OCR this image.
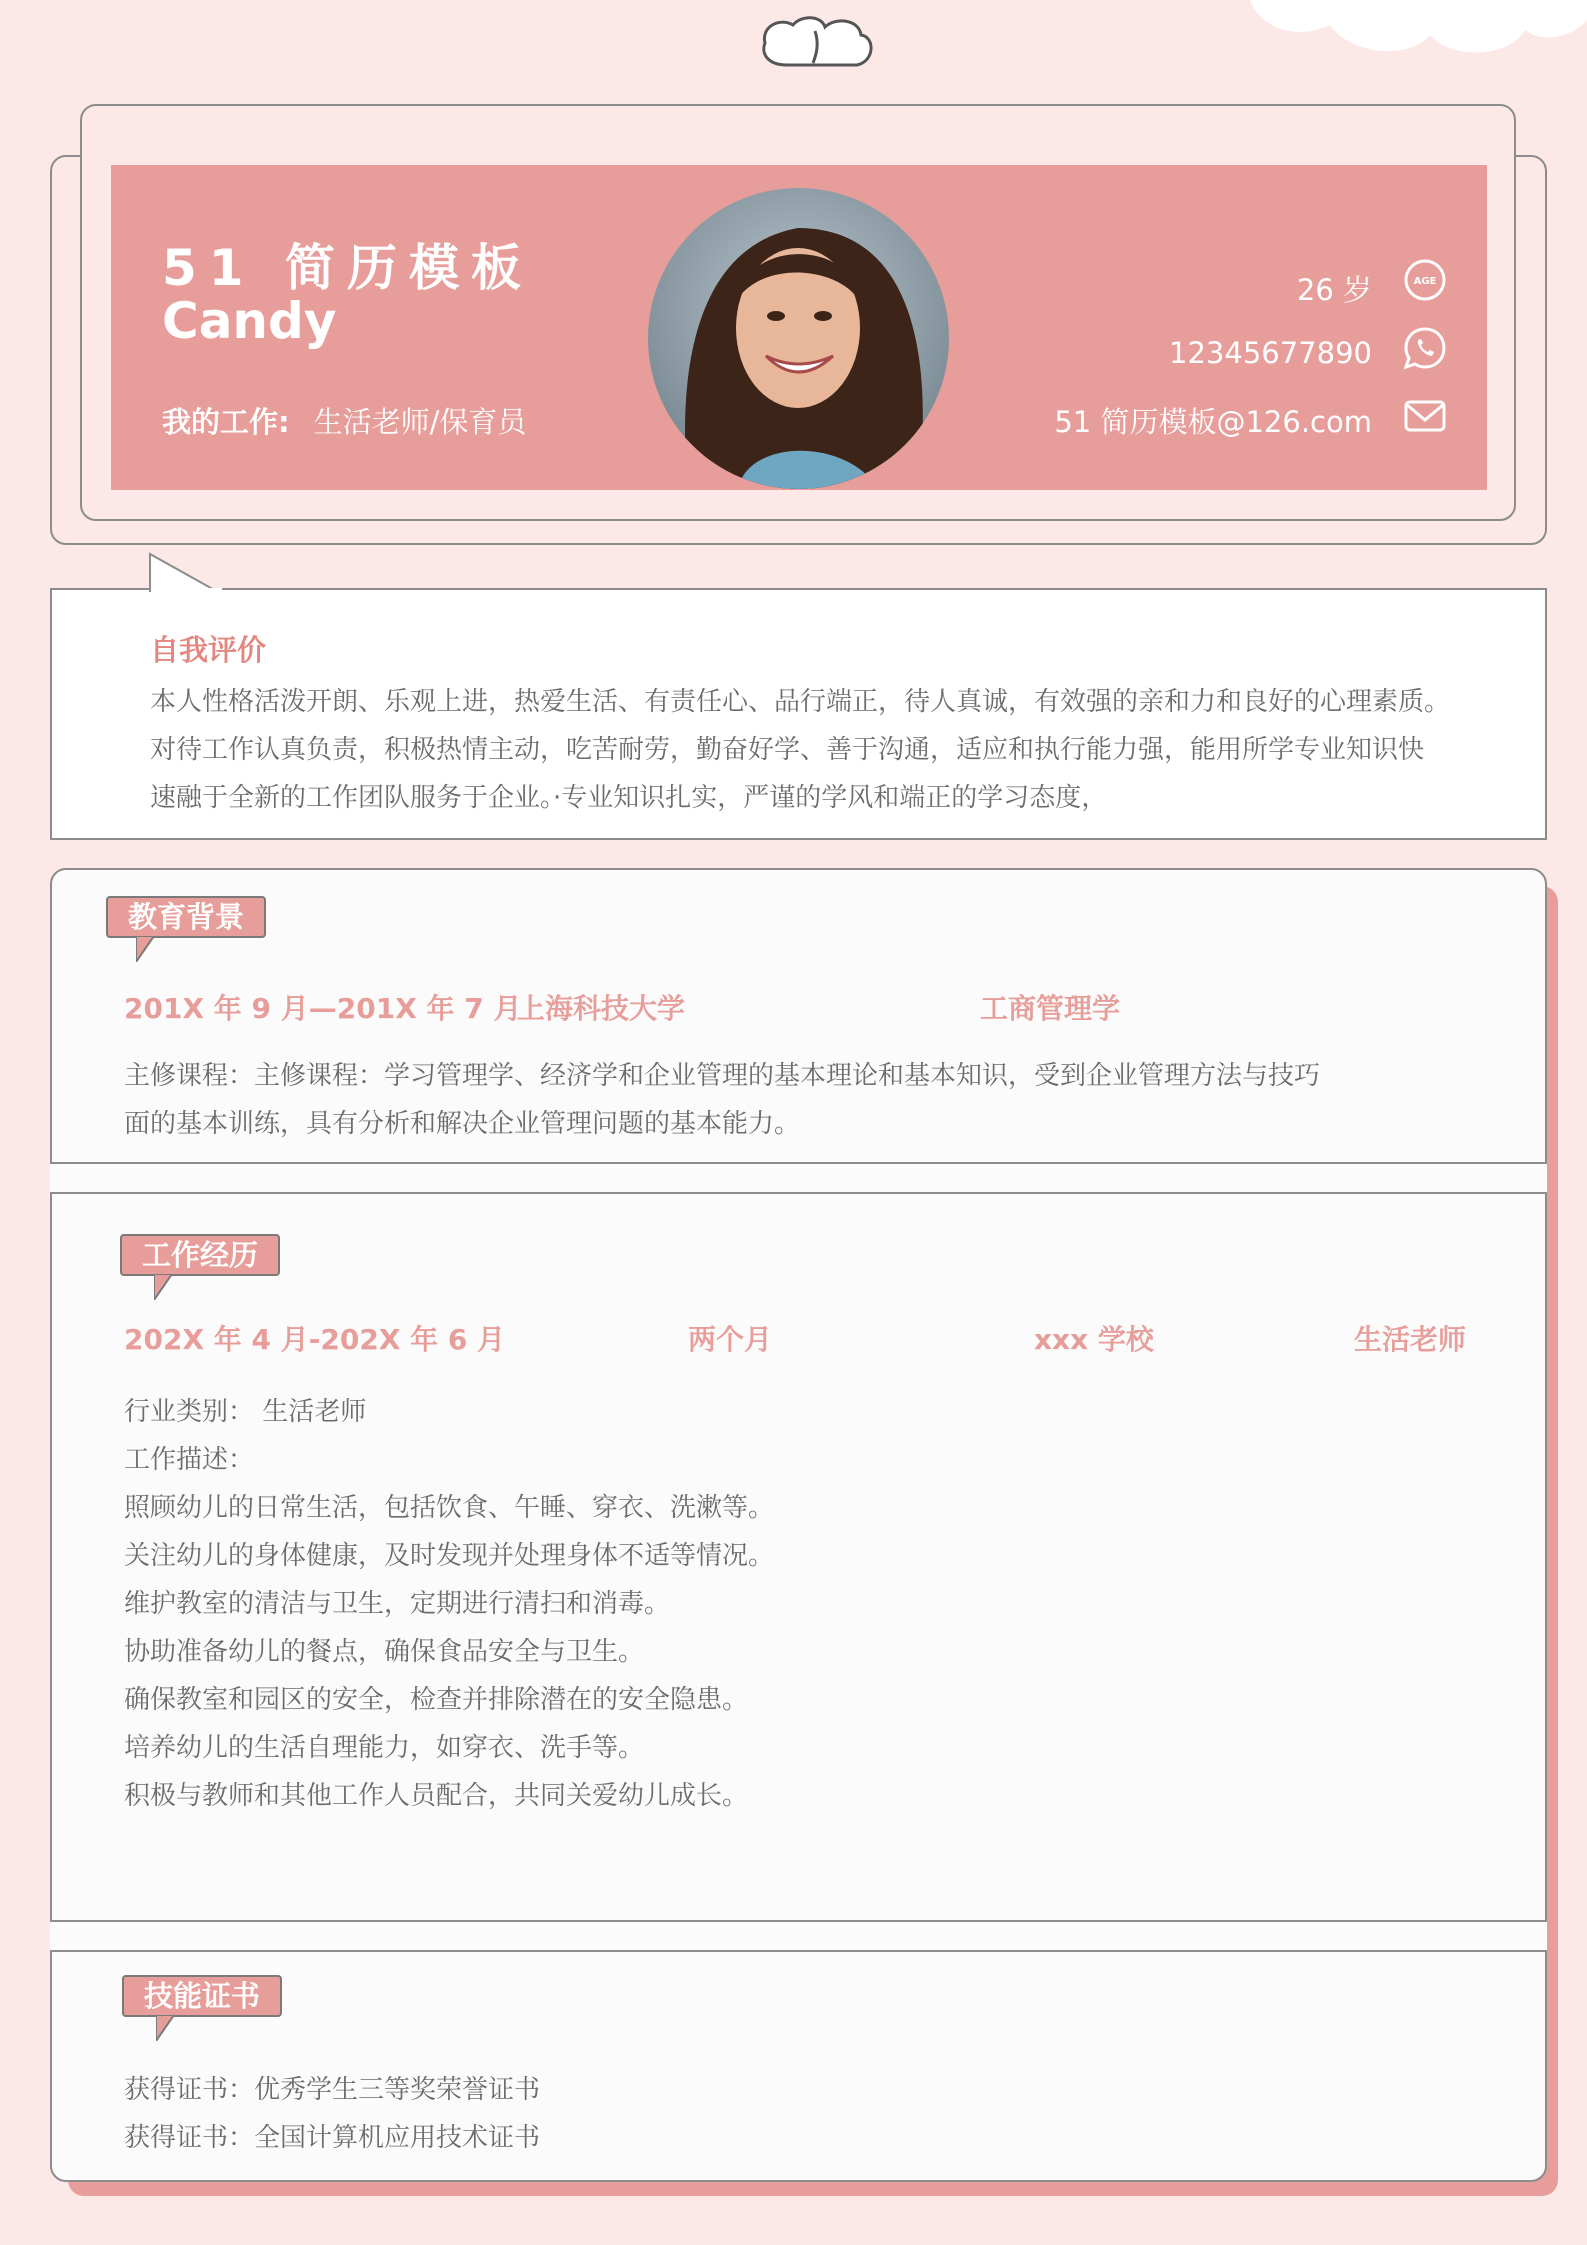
51 简历模板
Candy
我的工作: 生活老师/保育员
26 岁	AGE
12345677890
51 简历模板@126.com
自我评价
本人性格活泼开朗、乐观上进，热爱生活、有责任心、品行端正，待人真诚，有效强的亲和力和良好的心理素质。
对待工作认真负责，积极热情主动，吃苦耐劳，勤奋好学、善于沟通，适应和执行能力强，能用所学专业知识快
速融于全新的工作团队服务于企业。·专业知识扎实，严谨的学风和端正的学习态度，
教育背景
201X 年 9 月—201X 年 7 月
上海科技大学	工商管理学
主修课程：主修课程：学习管理学、经济学和企业管理的基本理论和基本知识，受到企业管理方法与技巧
面的基本训练，具有分析和解决企业管理问题的基本能力。
工作经历
202X 年 4 月-202X 年 6 月	两个月	xxx 学校	生活老师
行业类别： 生活老师
工作描述：
照顾幼儿的日常生活，包括饮食、午睡、穿衣、洗漱等。
关注幼儿的身体健康，及时发现并处理身体不适等情况。
维护教室的清洁与卫生，定期进行清扫和消毒。
协助准备幼儿的餐点，确保食品安全与卫生。
确保教室和园区的安全，检查并排除潜在的安全隐患。
培养幼儿的生活自理能力，如穿衣、洗手等。
积极与教师和其他工作人员配合，共同关爱幼儿成长。
技能证书
获得证书：优秀学生三等奖荣誉证书
获得证书：全国计算机应用技术证书
